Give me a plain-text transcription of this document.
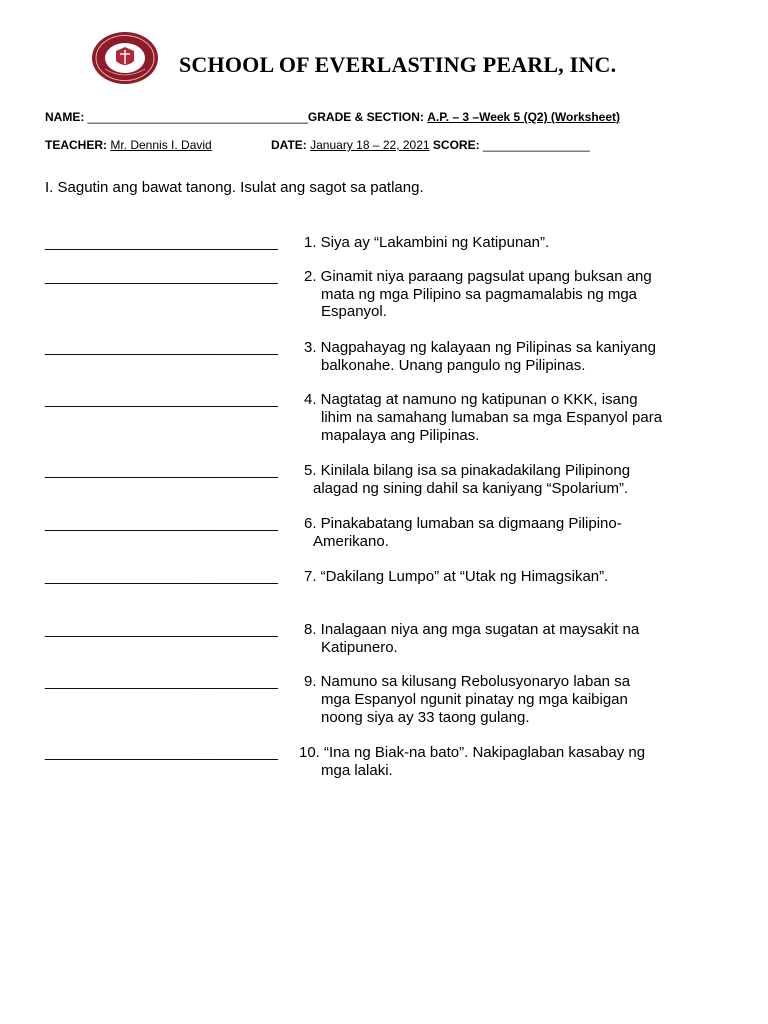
SCHOOL OF EVERLASTING PEARL, INC.
NAME: _________________________________GRADE & SECTION: A.P. – 3 –Week 5 (Q2) (Worksheet)
TEACHER: Mr. Dennis I. David	DATE: January 18 – 22, 2021 SCORE: ________________
I. Sagutin ang bawat tanong. Isulat ang sagot sa patlang.
______________________________ 1. Siya ay “Lakambini ng Katipunan”.
______________________________ 2. Ginamit niya paraang pagsulat upang buksan ang
mata ng mga Pilipino sa pagmamalabis ng mga
Espanyol.
______________________________ 3. Nagpahayag ng kalayaan ng Pilipinas sa kaniyang
balkonahe. Unang pangulo ng Pilipinas.
______________________________ 4. Nagtatag at namuno ng katipunan o KKK, isang
lihim na samahang lumaban sa mga Espanyol para
mapalaya ang Pilipinas.
______________________________ 5. Kinilala bilang isa sa pinakadakilang Pilipinong
alagad ng sining dahil sa kaniyang “Spolarium”.
______________________________ 6. Pinakabatang lumaban sa digmaang Pilipino-
Amerikano.
______________________________ 7. “Dakilang Lumpo” at “Utak ng Himagsikan”.
______________________________ 8. Inalagaan niya ang mga sugatan at maysakit na
Katipunero.
______________________________ 9. Namuno sa kilusang Rebolusyonaryo laban sa
mga Espanyol ngunit pinatay ng mga kaibigan
noong siya ay 33 taong gulang.
______________________________ 10. “Ina ng Biak-na bato”. Nakipaglaban kasabay ng
mga lalaki.
